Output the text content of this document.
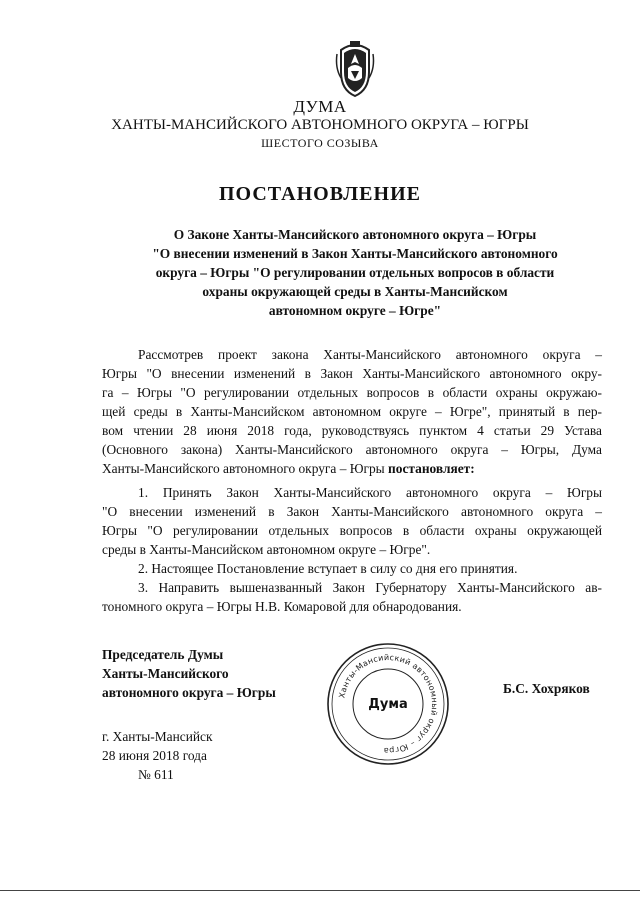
ДУМА
ХАНТЫ-МАНСИЙСКОГО АВТОНОМНОГО ОКРУГА – ЮГРЫ
ШЕСТОГО СОЗЫВА
ПОСТАНОВЛЕНИЕ
О Законе Ханты-Мансийского автономного округа – Югры
"О внесении изменений в Закон Ханты-Мансийского автономного
округа – Югры "О регулировании отдельных вопросов в области
охраны окружающей среды в Ханты-Мансийском
автономном округе – Югре"
Рассмотрев проект закона Ханты-Мансийского автономного округа –
Югры "О внесении изменений в Закон Ханты-Мансийского автономного окру-
га – Югры "О регулировании отдельных вопросов в области охраны окружаю-
щей среды в Ханты-Мансийском автономном округе – Югре", принятый в пер-
вом чтении 28 июня 2018 года, руководствуясь пунктом 4 статьи 29 Устава
(Основного закона) Ханты-Мансийского автономного округа – Югры, Дума
Ханты-Мансийского автономного округа – Югры постановляет:
1. Принять Закон Ханты-Мансийского автономного округа – Югры
"О внесении изменений в Закон Ханты-Мансийского автономного округа –
Югры "О регулировании отдельных вопросов в области охраны окружающей
среды в Ханты-Мансийском автономном округе – Югре".
2. Настоящее Постановление вступает в силу со дня его принятия.
3. Направить вышеназванный Закон Губернатору Ханты-Мансийского ав-
тономного округа – Югры Н.В. Комаровой для обнародования.
Председатель Думы
Ханты-Мансийского
автономного округа – Югры	Ханты-Мансийский автономный округ – Югра
Дума
Б.С. Хохряков
г. Ханты-Мансийск
28 июня 2018 года
№ 611
